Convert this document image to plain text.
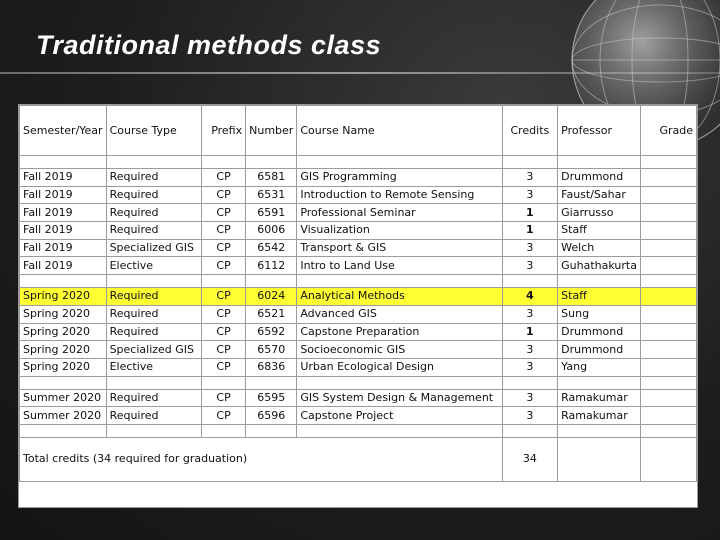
Traditional methods class
Semester/Year	Course Type	Prefix	Number	Course Name	Credits	Professor	Grade

Fall 2019	Required	CP	6581	GIS Programming	3	Drummond	
Fall 2019	Required	CP	6531	Introduction to Remote Sensing	3	Faust/Sahar	
Fall 2019	Required	CP	6591	Professional Seminar	1	Giarrusso	
Fall 2019	Required	CP	6006	Visualization	1	Staff	
Fall 2019	Specialized GIS	CP	6542	Transport & GIS	3	Welch	
Fall 2019	Elective	CP	6112	Intro to Land Use	3	Guhathakurta	

Spring 2020	Required	CP	6024	Analytical Methods	4	Staff	
Spring 2020	Required	CP	6521	Advanced GIS	3	Sung	
Spring 2020	Required	CP	6592	Capstone Preparation	1	Drummond	
Spring 2020	Specialized GIS	CP	6570	Socioeconomic GIS	3	Drummond	
Spring 2020	Elective	CP	6836	Urban Ecological Design	3	Yang	

Summer 2020	Required	CP	6595	GIS System Design & Management	3	Ramakumar	
Summer 2020	Required	CP	6596	Capstone Project	3	Ramakumar	

Total credits (34 required for graduation)					34		
